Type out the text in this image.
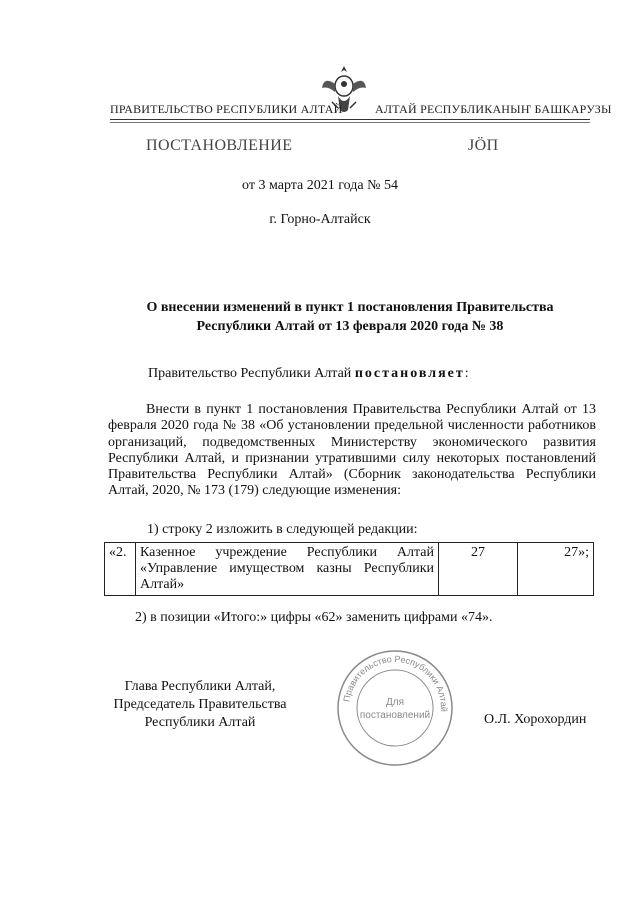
ПРАВИТЕЛЬСТВО РЕСПУБЛИКИ АЛТАЙ	АЛТАЙ РЕСПУБЛИКАНЫҤ БАШКАРУЗЫ
ПОСТАНОВЛЕНИЕ	ЈÖП
от 3 марта 2021 года № 54
г. Горно-Алтайск
О внесении изменений в пункт 1 постановления Правительства Республики Алтай от 13 февраля 2020 года № 38
Правительство Республики Алтай постановляет:
Внести в пункт 1 постановления Правительства Республики Алтай от 13 февраля 2020 года № 38 «Об установлении предельной численности работников организаций, подведомственных Министерству экономического развития Республики Алтай, и признании утратившими силу некоторых постановлений Правительства Республики Алтай» (Сборник законодательства Республики Алтай, 2020, № 173 (179) следующие изменения:
1) строку 2 изложить в следующей редакции:
«2.	Казенное учреждение Республики Алтай «Управление имуществом казны Республики Алтай»	27	27»;
2) в позиции «Итого:» цифры «62» заменить цифрами «74».
Глава Республики Алтай,
Председатель Правительства
Республики Алтай
Правительство Республики Алтай
Для
постановлений	О.Л. Хорохордин
